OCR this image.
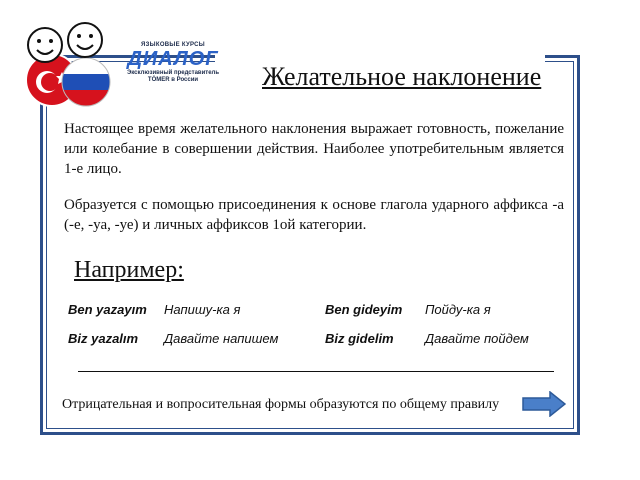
ЯЗЫКОВЫЕ КУРСЫ
ДИАЛОГ
Эксклюзивный представитель
TÖMER в России	Желательное наклонение
Настоящее время желательного наклонения выражает готовность, пожелание или колебание в совершении действия. Наиболее употребительным является 1-е лицо.
Образуется с помощью присоединения к основе глагола ударного аффикса -а (-е, -уа, -уе) и личных аффиксов 1ой категории.
Например:
Ben yazayım Напишу-ка я	Ben gideyim Пойду-ка я
Biz yazalım Давайте напишем	Biz gidelim Давайте пойдем
Отрицательная и вопросительная формы образуются по общему правилу
